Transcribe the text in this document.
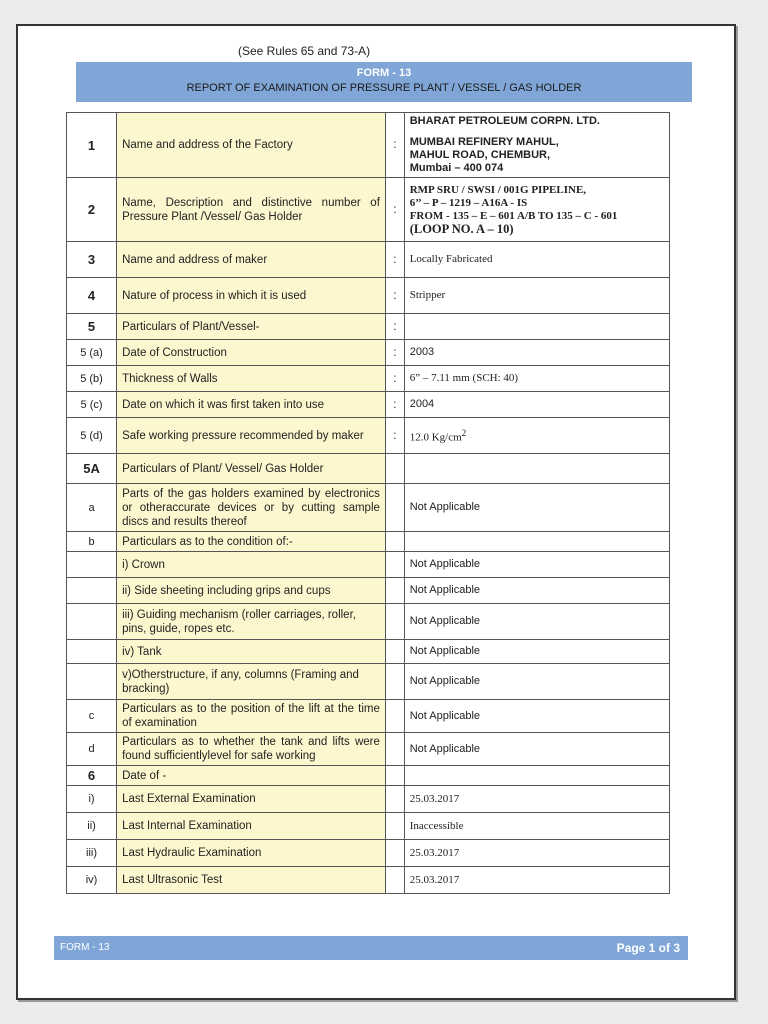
(See Rules 65 and 73-A)
FORM - 13
REPORT OF EXAMINATION OF PRESSURE PLANT / VESSEL / GAS HOLDER
1	Name and address of the Factory	:	BHARAT PETROLEUM CORPN. LTD.
MUMBAI REFINERY MAHUL,
MAHUL ROAD, CHEMBUR,
Mumbai – 400 074

2	Name, Description and distinctive number of Pressure Plant /Vessel/ Gas Holder	:	RMP SRU / SWSI / 001G PIPELINE,
6’’ – P – 1219 – A16A - IS
FROM - 135 – E – 601 A/B TO 135 – C - 601
(LOOP NO. A – 10)

3	Name and address of maker	:	Locally Fabricated
4	Nature of process in which it is used	:	Stripper
5	Particulars of Plant/Vessel-	:	
5 (a)	Date of Construction	:	2003
5 (b)	Thickness of Walls	:	6” – 7.11 mm (SCH: 40)
5 (c)	Date on which it was first taken into use	:	2004
5 (d)	Safe working pressure recommended by maker	:	12.0 $Kg/cm^2$
5A	Particulars of Plant/ Vessel/ Gas Holder		
a	Parts of the gas holders examined by electronics or otheraccurate devices or by cutting sample discs and results thereof		Not Applicable
b	Particulars as to the condition of:-		
	i) Crown		Not Applicable
	ii) Side sheeting including grips and cups		Not Applicable
	iii) Guiding mechanism (roller carriages, roller, pins, guide, ropes etc.		Not Applicable
	iv) Tank		Not Applicable
	v)Otherstructure, if any, columns (Framing and bracking)		Not Applicable
c	Particulars as to the position of the lift at the time of examination		Not Applicable
d	Particulars as to whether the tank and lifts were found sufficientlylevel for safe working		Not Applicable
6	Date of -		
i)	Last External Examination		25.03.2017
ii)	Last Internal Examination		Inaccessible
iii)	Last Hydraulic Examination		25.03.2017
iv)	Last Ultrasonic Test		25.03.2017
FORM - 13	Page 1 of 3
